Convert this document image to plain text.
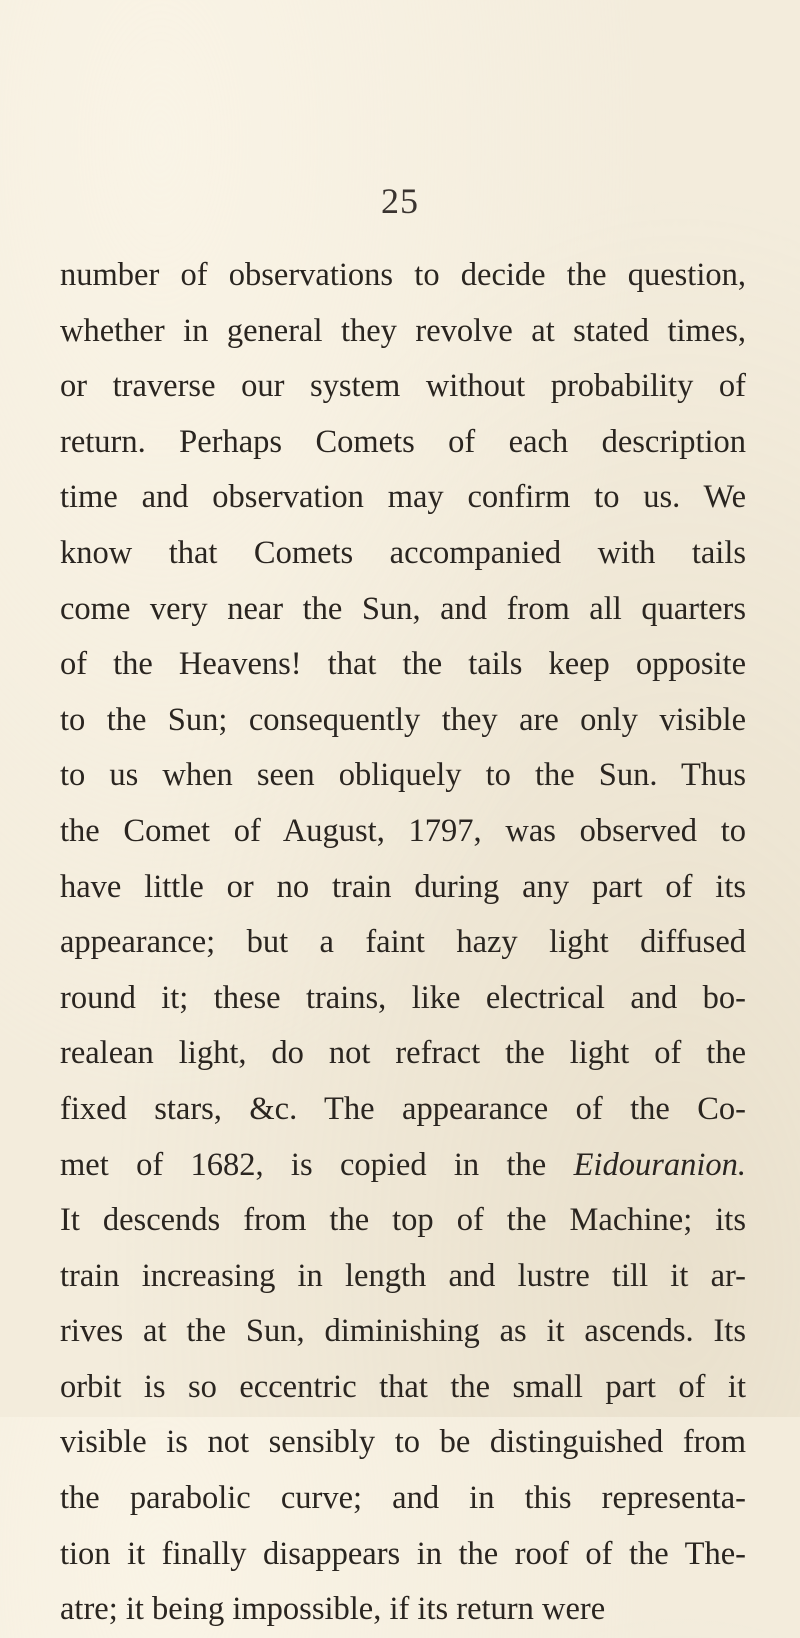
25
number of observations to decide the question,
whether in general they revolve at stated times,
or traverse our system without probability of
return. Perhaps Comets of each description
time and observation may confirm to us. We
know that Comets accompanied with tails
come very near the Sun, and from all quarters
of the Heavens! that the tails keep opposite
to the Sun; consequently they are only visible
to us when seen obliquely to the Sun. Thus
the Comet of August, 1797, was observed to
have little or no train during any part of its
appearance; but a faint hazy light diffused
round it; these trains, like electrical and bo-
realean light, do not refract the light of the
fixed stars, &c. The appearance of the Co-
met of 1682, is copied in the Eidouranion.
It descends from the top of the Machine; its
train increasing in length and lustre till it ar-
rives at the Sun, diminishing as it ascends. Its
orbit is so eccentric that the small part of it
visible is not sensibly to be distinguished from
the parabolic curve; and in this representa-
tion it finally disappears in the roof of the The-
atre; it being impossible, if its return were
